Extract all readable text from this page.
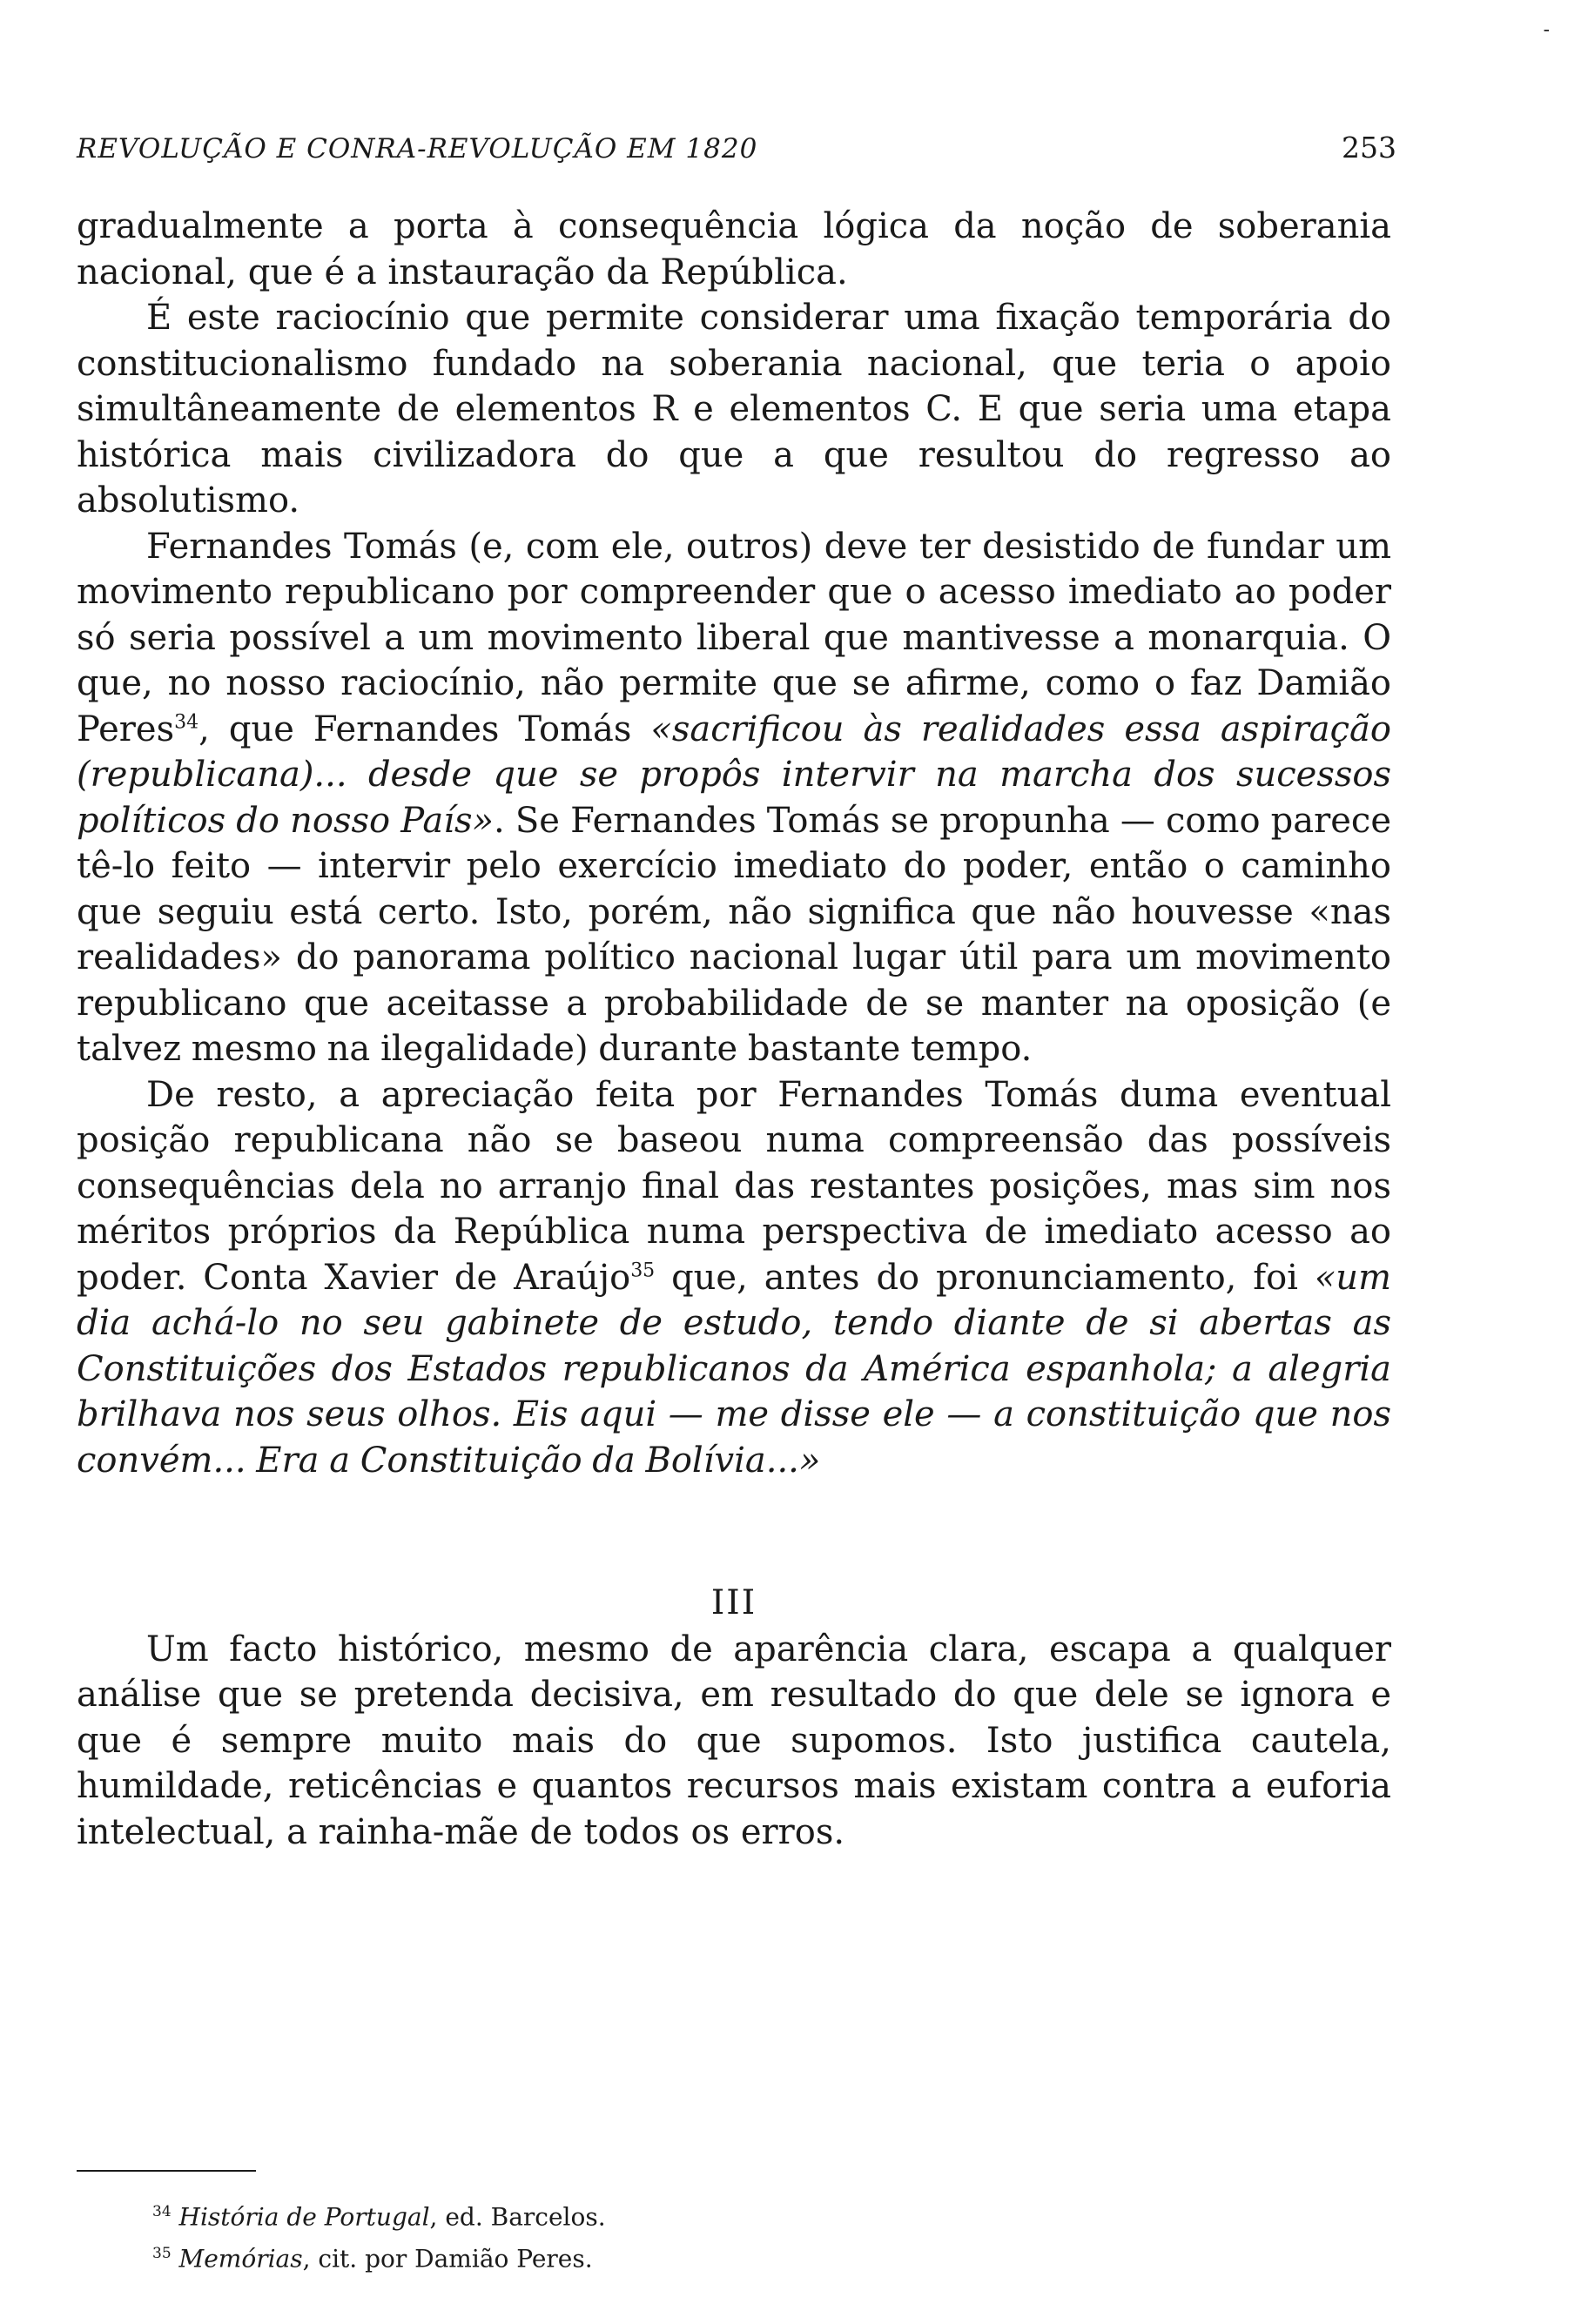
-
REVOLUÇÃO E CONRA-REVOLUÇÃO EM 1820	253

gradualmente a porta à consequência lógica da noção de soberania nacional, que é a instauração da República.

É este raciocínio que permite considerar uma fixação temporária do constitucionalismo fundado na soberania nacional, que teria o apoio simultâneamente de elementos R e elementos C. E que seria uma etapa histórica mais civilizadora do que a que resultou do regresso ao absolutismo.

Fernandes Tomás (e, com ele, outros) deve ter desistido de fundar um movimento republicano por compreender que o acesso imediato ao poder só seria possível a um movimento liberal que mantivesse a monarquia. O que, no nosso raciocínio, não permite que se afirme, como o faz Damião Peres$^{34}$, que Fernandes Tomás «sacrificou às realidades essa aspiração (republicana)... desde que se propôs intervir na marcha dos sucessos políticos do nosso País». Se Fernandes Tomás se propunha — como parece tê-lo feito — intervir pelo exercício imediato do poder, então o caminho que seguiu está certo. Isto, porém, não significa que não houvesse «nas realidades» do panorama político nacional lugar útil para um movimento republicano que aceitasse a probabilidade de se manter na oposição (e talvez mesmo na ilegalidade) durante bastante tempo.

De resto, a apreciação feita por Fernandes Tomás duma eventual posição republicana não se baseou numa compreensão das possíveis consequências dela no arranjo final das restantes posições, mas sim nos méritos próprios da República numa perspectiva de imediato acesso ao poder. Conta Xavier de Araújo$^{35}$ que, antes do pronunciamento, foi «um dia achá-lo no seu gabinete de estudo, tendo diante de si abertas as Constituições dos Estados republicanos da América espanhola; a alegria brilhava nos seus olhos. Eis aqui — me disse ele — a constituição que nos convém... Era a Constituição da Bolívia...»

III

Um facto histórico, mesmo de aparência clara, escapa a qualquer análise que se pretenda decisiva, em resultado do que dele se ignora e que é sempre muito mais do que supomos. Isto justifica cautela, humildade, reticências e quantos recursos mais existam contra a euforia intelectual, a rainha-mãe de todos os erros.

$^{34}$ História de Portugal, ed. Barcelos.
$^{35}$ Memórias, cit. por Damião Peres.
